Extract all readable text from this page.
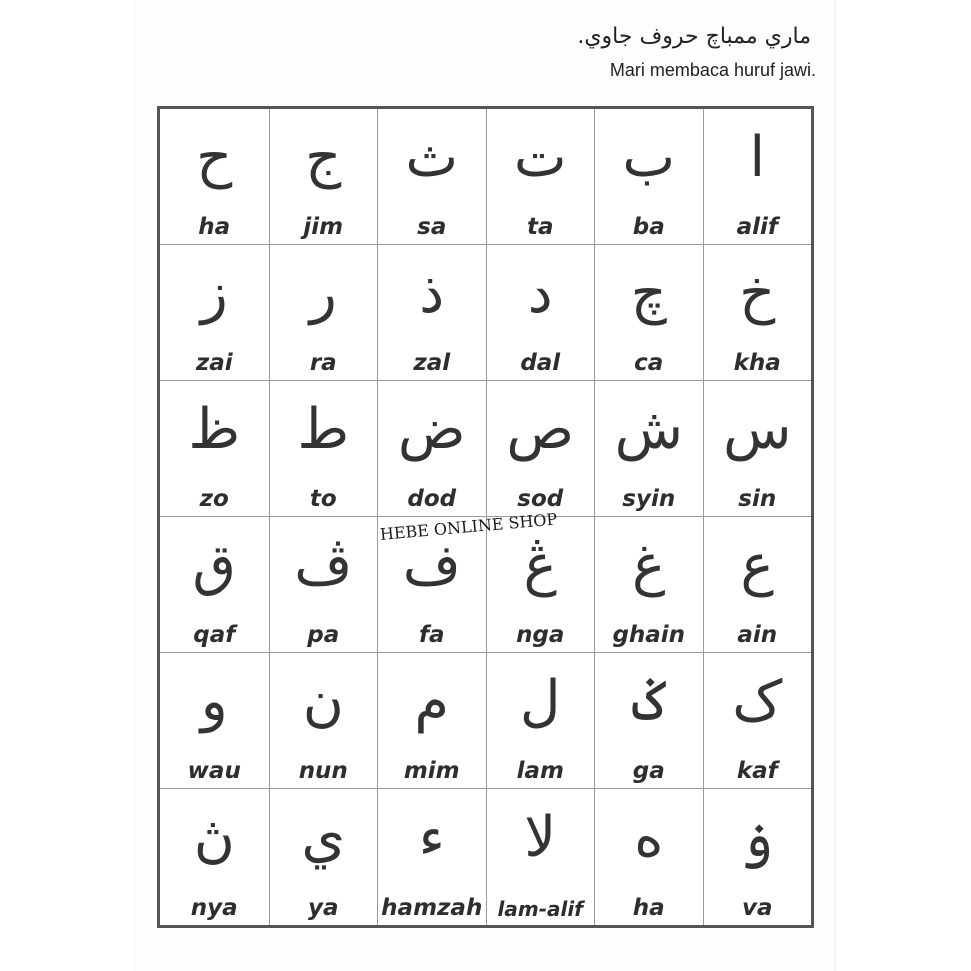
ماري ممباچ حروف جاوي.
Mari membaca huruf jawi.
ا
alif
ب
ba
ت
ta
ث
sa
ج
jim
ح
ha
خ
kha
چ
ca
د
dal
ذ
zal
ر
ra
ز
zai
س
sin
ش
syin
ص
sod
ض
dod
ط
to
ظ
zo
ع
ain
غ
ghain
ڠ
nga
ف
fa
ڤ
pa
ق
qaf
ک
kaf
ݢ
ga
ل
lam
م
mim
ن
nun
و
wau
ۏ
va
ه
ha
لا
lam-alif
ء
hamzah
ي
ya
ڽ
nya
HEBE ONLINE SHOP
